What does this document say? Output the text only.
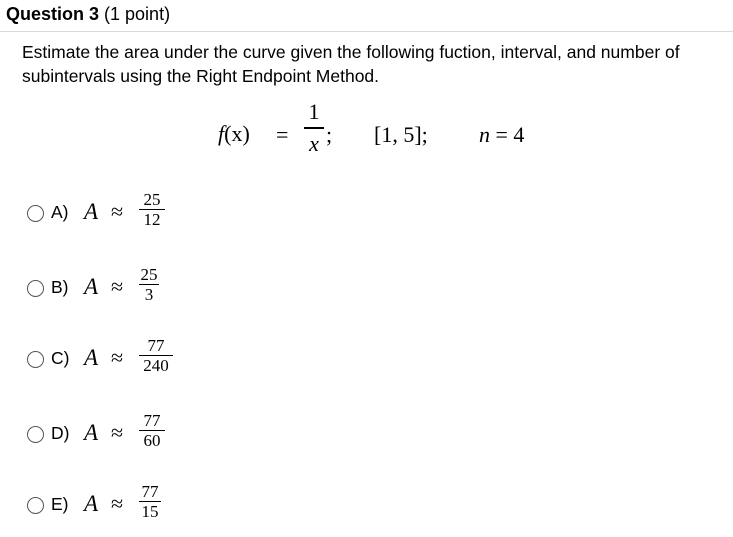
Question 3 (1 point)
Estimate the area under the curve given the following fuction, interval, and number of subintervals using the Right Endpoint Method.
f(x) =
1
x ; [1, 5]; n = 4
A) A ≈ 25
12
B) A ≈ 25
3
C) A ≈	77
240
D) A ≈ 77
60
E) A ≈ 77
15
